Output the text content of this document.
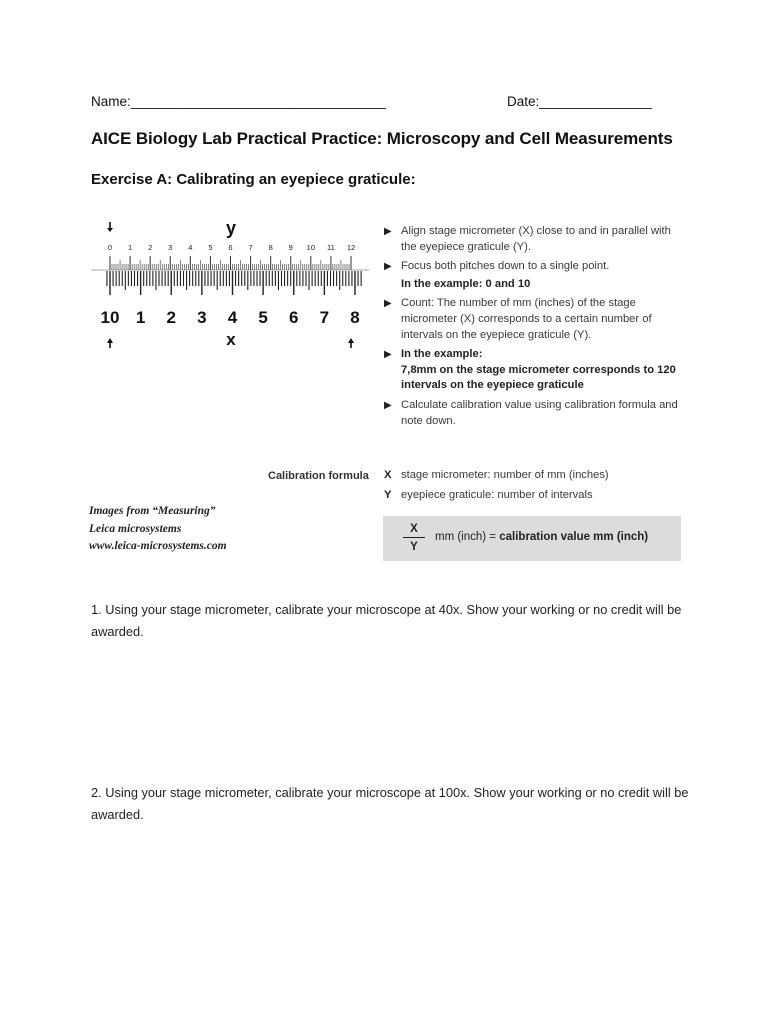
Name:__________________________________	Date:_______________
AICE Biology Lab Practical Practice: Microscopy and Cell Measurements
Exercise A: Calibrating an eyepiece graticule:
y
0 1 2 3 4 5 6 7 8 9 10 11 12
10 1 2 3 4 5 6 7 8
x
▶ Align stage micrometer (X) close to and in parallel with the eyepiece graticule (Y).
▶ Focus both pitches down to a single point.
In the example: 0 and 10
▶ Count: The number of mm (inches) of the stage micrometer (X) corresponds to a certain number of intervals on the eyepiece graticule (Y).
▶ In the example:
7,8mm on the stage micrometer corresponds to 120 intervals on the eyepiece graticule
▶ Calculate calibration value using calibration formula and note down.
Calibration formula X stage micrometer: number of mm (inches)
Y eyepiece graticule: number of intervals
X
Y
mm (inch) = calibration value mm (inch)
Images from “Measuring”
Leica microsystems
www.leica-microsystems.com
1. Using your stage micrometer, calibrate your microscope at 40x. Show your working or no credit will be awarded.
2. Using your stage micrometer, calibrate your microscope at 100x. Show your working or no credit will be awarded.
